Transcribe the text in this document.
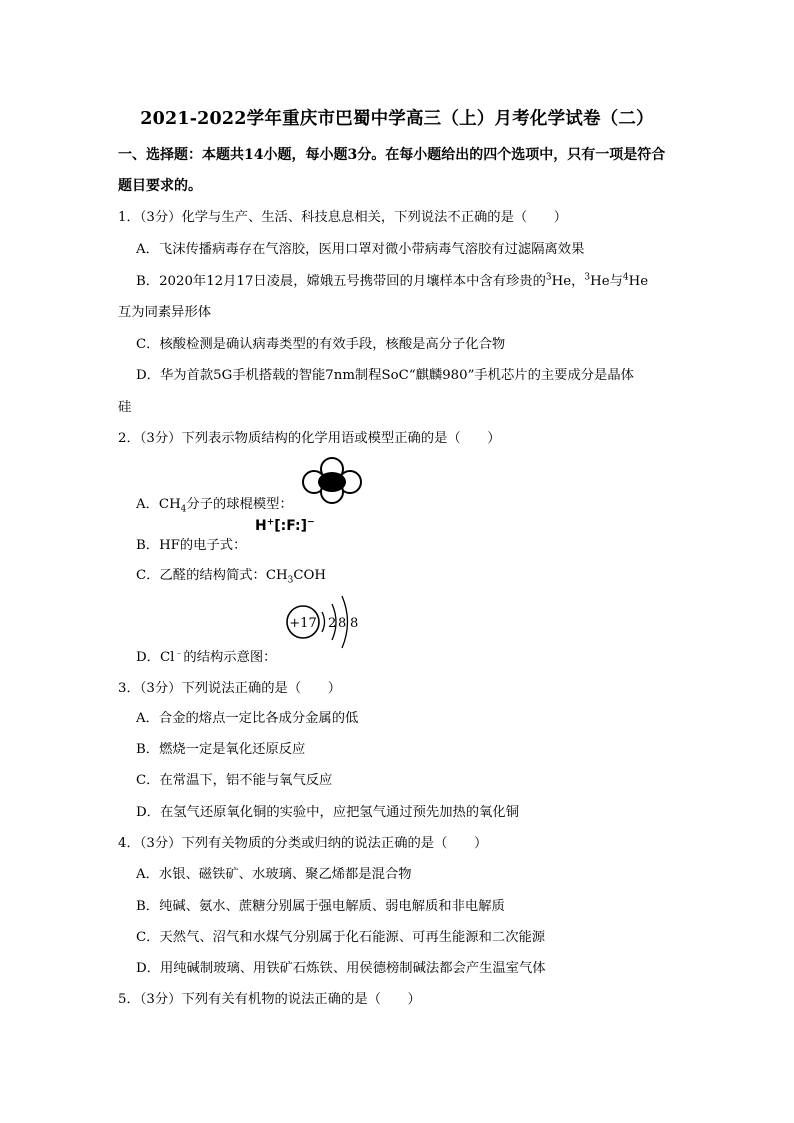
2021-2022学年重庆市巴蜀中学高三（上）月考化学试卷（二）
一、选择题：本题共14小题，每小题3分。在每小题给出的四个选项中，只有一项是符合
题目要求的。
1．（3分）化学与生产、生活、科技息息相关，下列说法不正确的是（　　）
A．飞沫传播病毒存在气溶胶，医用口罩对微小带病毒气溶胶有过滤隔离效果
B．2020年12月17日凌晨，嫦娥五号携带回的月壤样本中含有珍贵的$^3$He，$^3$He与$^4$He
互为同素异形体
C．核酸检测是确认病毒类型的有效手段，核酸是高分子化合物
D．华为首款5G手机搭载的智能7nm制程SoC“麒麟980”手机芯片的主要成分是晶体
硅
2．（3分）下列表示物质结构的化学用语或模型正确的是（　　）
A．$CH_4$分子的球棍模型：
B．HF的电子式：
H+[:F:]−
C．乙醛的结构简式：$CH_3COH$
+17 2 8 8
D．Cl﹣的结构示意图：
3．（3分）下列说法正确的是（　　）
A．合金的熔点一定比各成分金属的低
B．燃烧一定是氧化还原反应
C．在常温下，铝不能与氧气反应
D．在氢气还原氧化铜的实验中，应把氢气通过预先加热的氧化铜
4．（3分）下列有关物质的分类或归纳的说法正确的是（　　）
A．水银、磁铁矿、水玻璃、聚乙烯都是混合物
B．纯碱、氨水、蔗糖分别属于强电解质、弱电解质和非电解质
C．天然气、沼气和水煤气分别属于化石能源、可再生能源和二次能源
D．用纯碱制玻璃、用铁矿石炼铁、用侯德榜制碱法都会产生温室气体
5．（3分）下列有关有机物的说法正确的是（　　）
